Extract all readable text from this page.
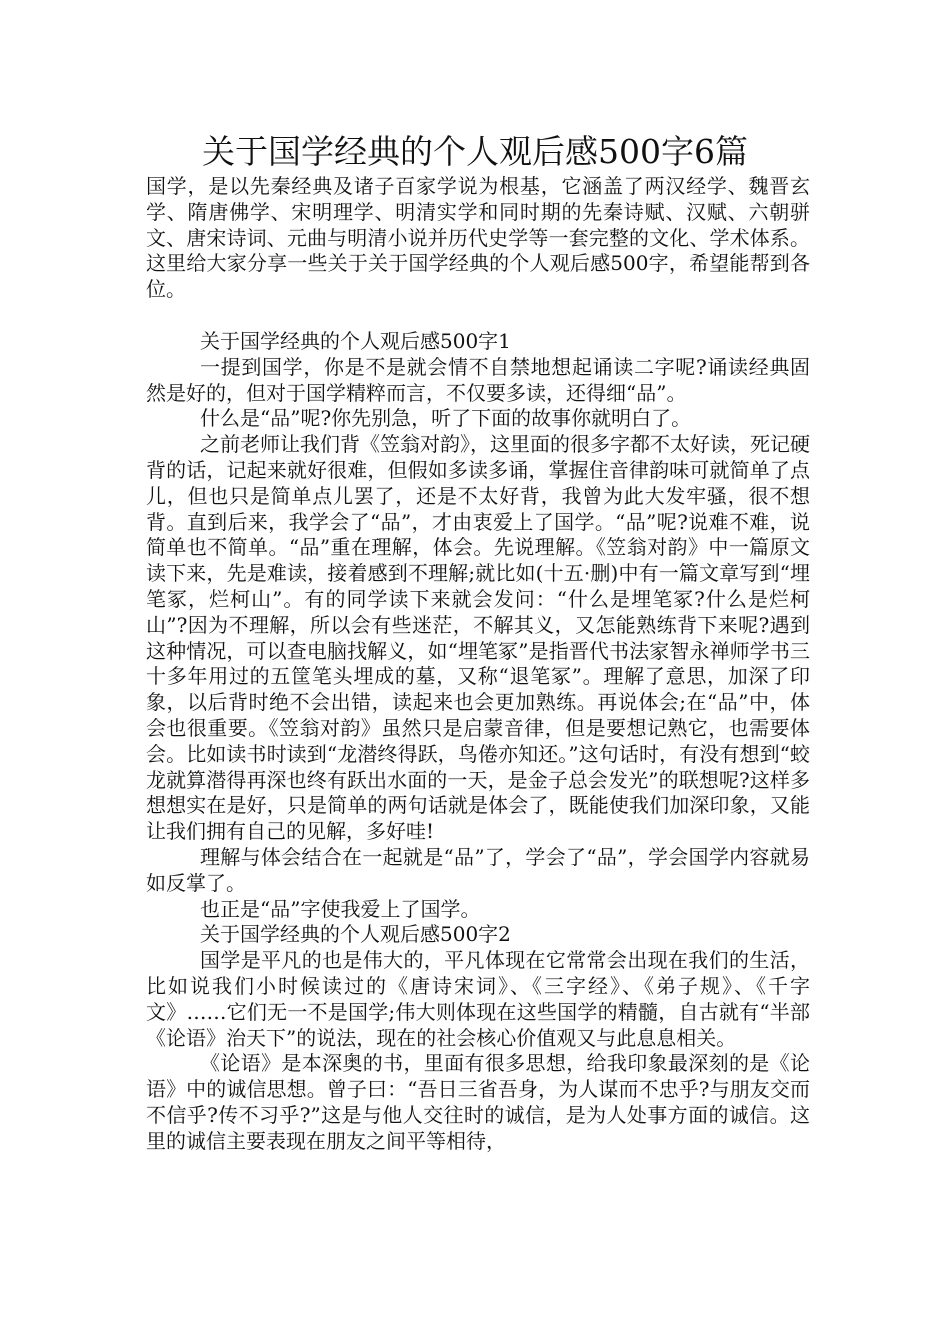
关于国学经典的个人观后感500字6篇

国学，是以先秦经典及诸子百家学说为根基，它涵盖了两汉经学、魏晋玄学、隋唐佛学、宋明理学、明清实学和同时期的先秦诗赋、汉赋、六朝骈文、唐宋诗词、元曲与明清小说并历代史学等一套完整的文化、学术体系。这里给大家分享一些关于关于国学经典的个人观后感500字，希望能帮到各位。

关于国学经典的个人观后感500字1

一提到国学，你是不是就会情不自禁地想起诵读二字呢?诵读经典固然是好的，但对于国学精粹而言，不仅要多读，还得细“品”。

什么是“品”呢?你先别急，听了下面的故事你就明白了。

之前老师让我们背《笠翁对韵》，这里面的很多字都不太好读，死记硬背的话，记起来就好很难，但假如多读多诵，掌握住音律韵味可就简单了点儿，但也只是简单点儿罢了，还是不太好背，我曾为此大发牢骚，很不想背。直到后来，我学会了“品”，才由衷爱上了国学。“品”呢?说难不难，说简单也不简单。“品”重在理解，体会。先说理解。《笠翁对韵》中一篇原文读下来，先是难读，接着感到不理解;就比如(十五·删)中有一篇文章写到“埋笔冢，烂柯山”。有的同学读下来就会发问：“什么是埋笔冢?什么是烂柯山”?因为不理解，所以会有些迷茫，不解其义，又怎能熟练背下来呢?遇到这种情况，可以查电脑找解义，如“埋笔冢”是指晋代书法家智永禅师学书三十多年用过的五筐笔头埋成的墓，又称“退笔冢”。理解了意思，加深了印象，以后背时绝不会出错，读起来也会更加熟练。再说体会;在“品”中，体会也很重要。《笠翁对韵》虽然只是启蒙音律，但是要想记熟它，也需要体会。比如读书时读到“龙潜终得跃，鸟倦亦知还。”这句话时，有没有想到“蛟龙就算潜得再深也终有跃出水面的一天，是金子总会发光”的联想呢?这样多想想实在是好，只是简单的两句话就是体会了，既能使我们加深印象，又能让我们拥有自己的见解，多好哇!

理解与体会结合在一起就是“品”了，学会了“品”，学会国学内容就易如反掌了。

也正是“品”字使我爱上了国学。

关于国学经典的个人观后感500字2

国学是平凡的也是伟大的，平凡体现在它常常会出现在我们的生活，比如说我们小时候读过的《唐诗宋词》、《三字经》、《弟子规》、《千字文》……它们无一不是国学;伟大则体现在这些国学的精髓，自古就有“半部《论语》治天下”的说法，现在的社会核心价值观又与此息息相关。

《论语》是本深奥的书，里面有很多思想，给我印象最深刻的是《论语》中的诚信思想。曾子曰：“吾日三省吾身，为人谋而不忠乎?与朋友交而不信乎?传不习乎?”这是与他人交往时的诚信，是为人处事方面的诚信。这里的诚信主要表现在朋友之间平等相待，
